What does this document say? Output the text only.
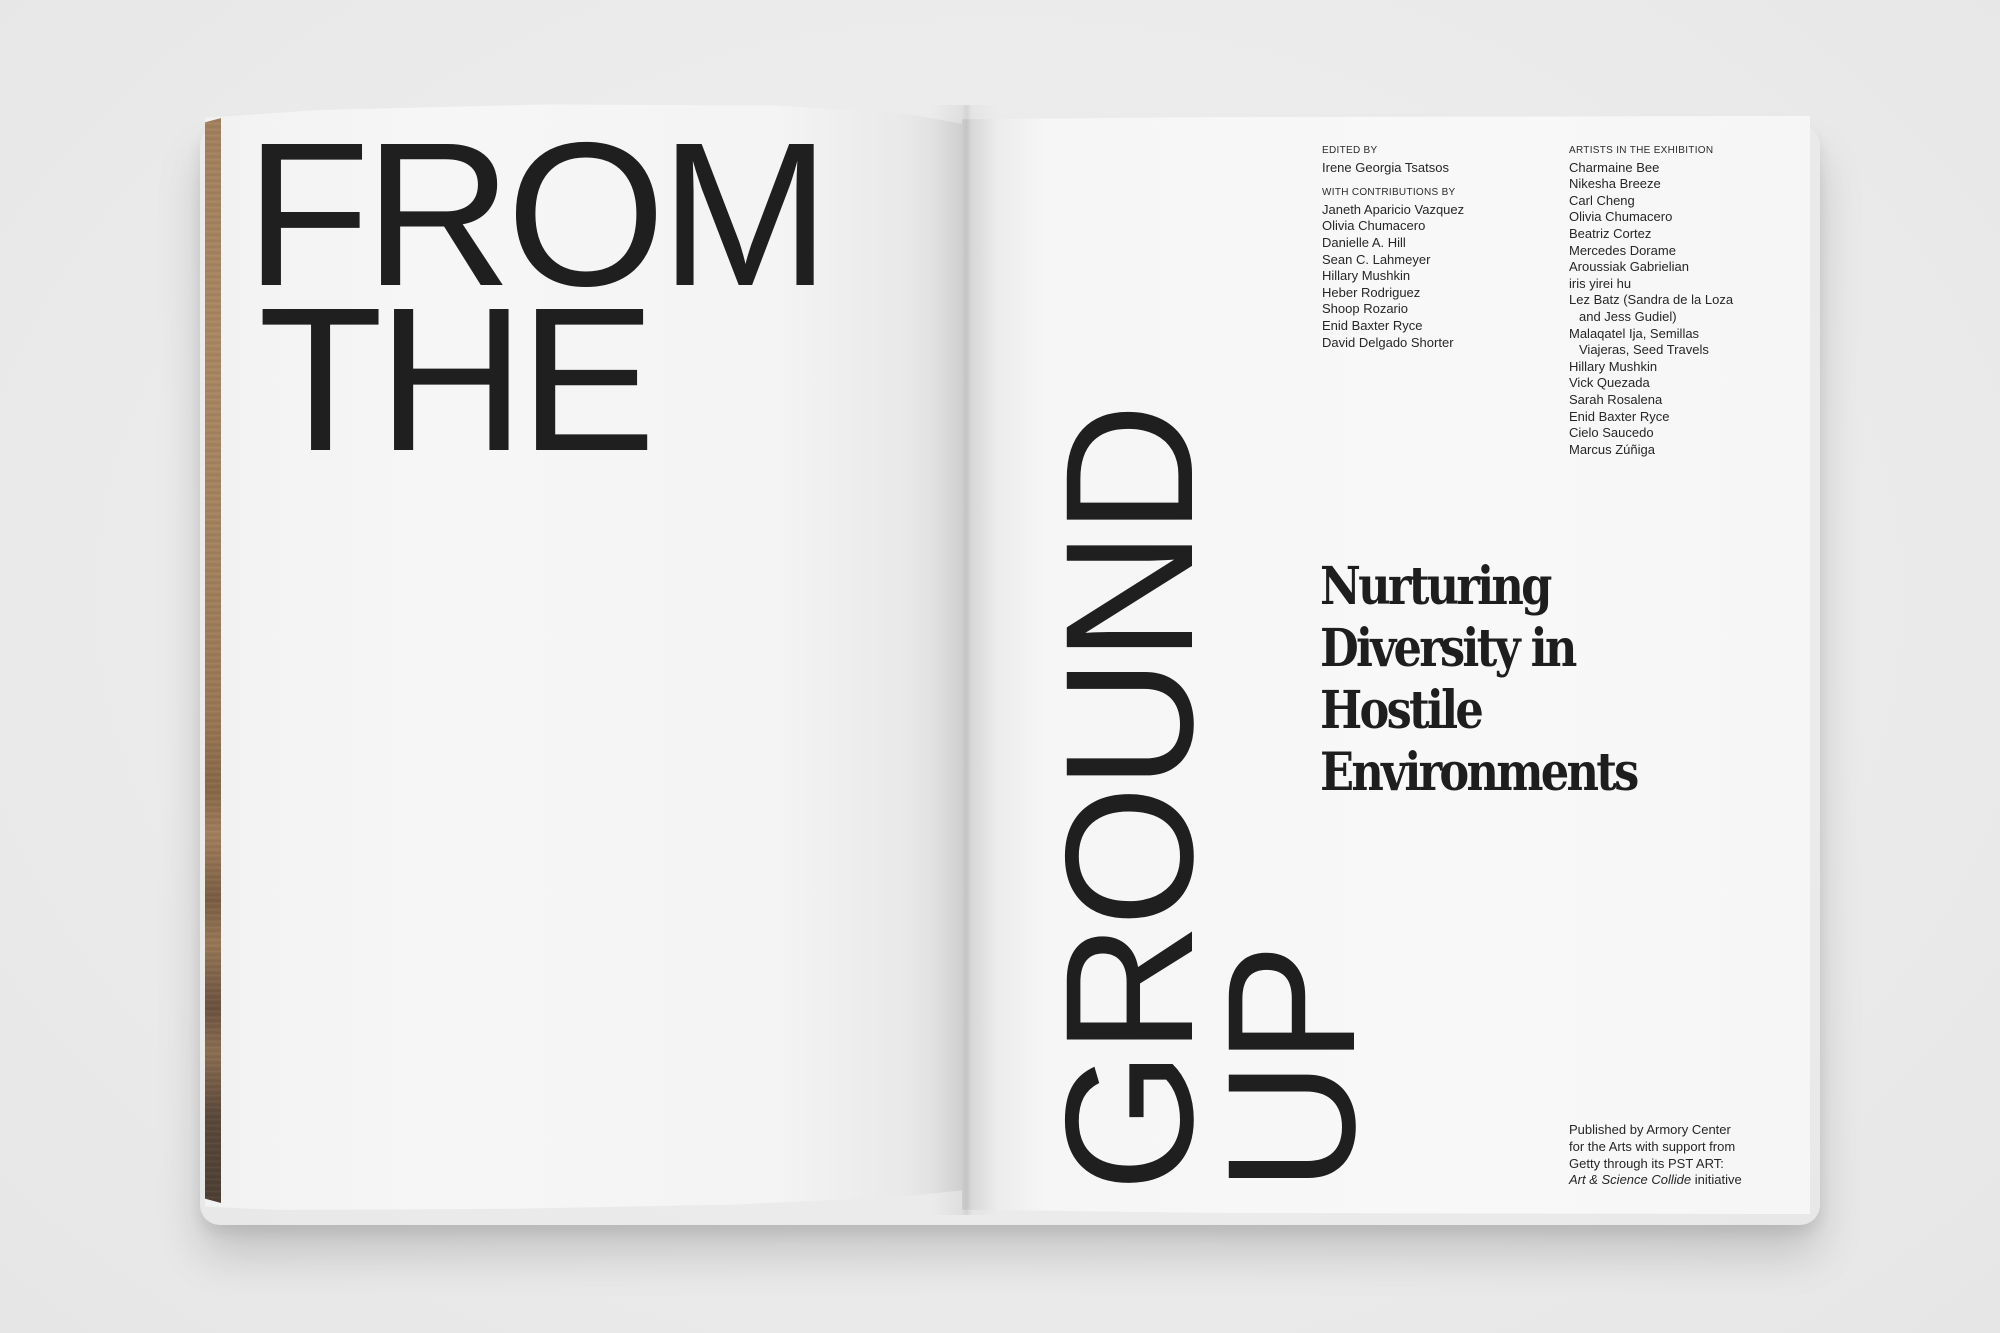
FROM
THE
GROUND
UP
EDITED BY
Irene Georgia Tsatsos
WITH CONTRIBUTIONS BY
Janeth Aparicio Vazquez
Olivia Chumacero
Danielle A. Hill
Sean C. Lahmeyer
Hillary Mushkin
Heber Rodriguez
Shoop Rozario
Enid Baxter Ryce
David Delgado Shorter
ARTISTS IN THE EXHIBITION
Charmaine Bee
Nikesha Breeze
Carl Cheng
Olivia Chumacero
Beatriz Cortez
Mercedes Dorame
Aroussiak Gabrielian
iris yirei hu
Lez Batz (Sandra de la Loza
and Jess Gudiel)
Malaqatel Ija, Semillas
Viajeras, Seed Travels
Hillary Mushkin
Vick Quezada
Sarah Rosalena
Enid Baxter Ryce
Cielo Saucedo
Marcus Zúñiga
Nurturing
Diversity in
Hostile
Environments
Published by Armory Center
for the Arts with support from
Getty through its PST ART:
Art & Science Collide initiative
